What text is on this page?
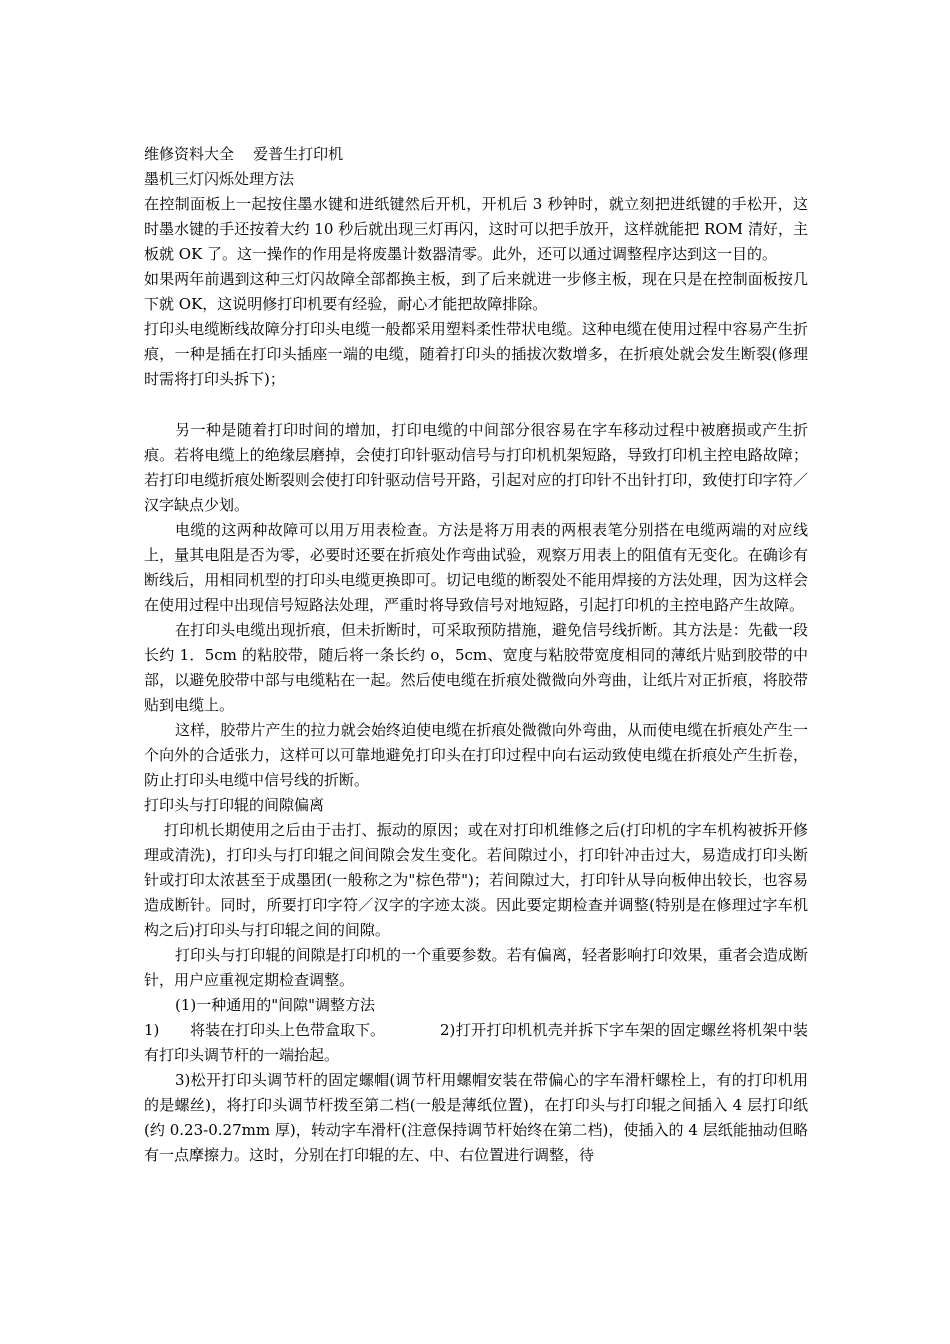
维修资料大全    爱普生打印机

墨机三灯闪烁处理方法

在控制面板上一起按住墨水键和进纸键然后开机，开机后 3 秒钟时，就立刻把进纸键的手松开，这时墨水键的手还按着大约 10 秒后就出现三灯再闪，这时可以把手放开，这样就能把 ROM 清好，主板就 OK 了。这一操作的作用是将废墨计数器清零。此外，还可以通过调整程序达到这一目的。

如果两年前遇到这种三灯闪故障全部都换主板，到了后来就进一步修主板，现在只是在控制面板按几下就 OK，这说明修打印机要有经验，耐心才能把故障排除。

打印头电缆断线故障分打印头电缆一般都采用塑料柔性带状电缆。这种电缆在使用过程中容易产生折痕，一种是插在打印头插座一端的电缆，随着打印头的插拔次数增多，在折痕处就会发生断裂(修理时需将打印头拆下)；

另一种是随着打印时间的增加，打印电缆的中间部分很容易在字车移动过程中被磨损或产生折痕。若将电缆上的绝缘层磨掉，会使打印针驱动信号与打印机机架短路，导致打印机主控电路故障；若打印电缆折痕处断裂则会使打印针驱动信号开路，引起对应的打印针不出针打印，致使打印字符／汉字缺点少划。

电缆的这两种故障可以用万用表检查。方法是将万用表的两根表笔分别搭在电缆两端的对应线上，量其电阻是否为零，必要时还要在折痕处作弯曲试验，观察万用表上的阻值有无变化。在确诊有断线后，用相同机型的打印头电缆更换即可。切记电缆的断裂处不能用焊接的方法处理，因为这样会在使用过程中出现信号短路法处理，严重时将导致信号对地短路，引起打印机的主控电路产生故障。

在打印头电缆出现折痕，但未折断时，可采取预防措施，避免信号线折断。其方法是：先截一段长约 1．5cm 的粘胶带，随后将一条长约 o，5cm、宽度与粘胶带宽度相同的薄纸片贴到胶带的中部，以避免胶带中部与电缆粘在一起。然后使电缆在折痕处微微向外弯曲，让纸片对正折痕，将胶带贴到电缆上。

这样，胶带片产生的拉力就会始终迫使电缆在折痕处微微向外弯曲，从而使电缆在折痕处产生一个向外的合适张力，这样可以可靠地避免打印头在打印过程中向右运动致使电缆在折痕处产生折卷，防止打印头电缆中信号线的折断。

打印头与打印辊的间隙偏离

打印机长期使用之后由于击打、振动的原因；或在对打印机维修之后(打印机的字车机构被拆开修理或清洗)，打印头与打印辊之间间隙会发生变化。若间隙过小，打印针冲击过大，易造成打印头断针或打印太浓甚至于成墨团(一般称之为"棕色带")；若间隙过大，打印针从导向板伸出较长，也容易造成断针。同时，所要打印字符／汉字的字迹太淡。因此要定期检查并调整(特别是在修理过字车机构之后)打印头与打印辊之间的间隙。

打印头与打印辊的间隙是打印机的一个重要参数。若有偏离，轻者影响打印效果，重者会造成断针，用户应重视定期检查调整。

(1)一种通用的"间隙"调整方法

1) 将装在打印头上色带盒取下。	2)打开打印机机壳并拆下字车架的固定螺丝将机架中装有打印头调节杆的一端抬起。

3)松开打印头调节杆的固定螺帽(调节杆用螺帽安装在带偏心的字车滑杆螺栓上，有的打印机用的是螺丝)，将打印头调节杆拨至第二档(一般是薄纸位置)，在打印头与打印辊之间插入 4 层打印纸(约 0.23-0.27mm 厚)，转动字车滑杆(注意保持调节杆始终在第二档)，使插入的 4 层纸能抽动但略有一点摩擦力。这时，分别在打印辊的左、中、右位置进行调整，待
